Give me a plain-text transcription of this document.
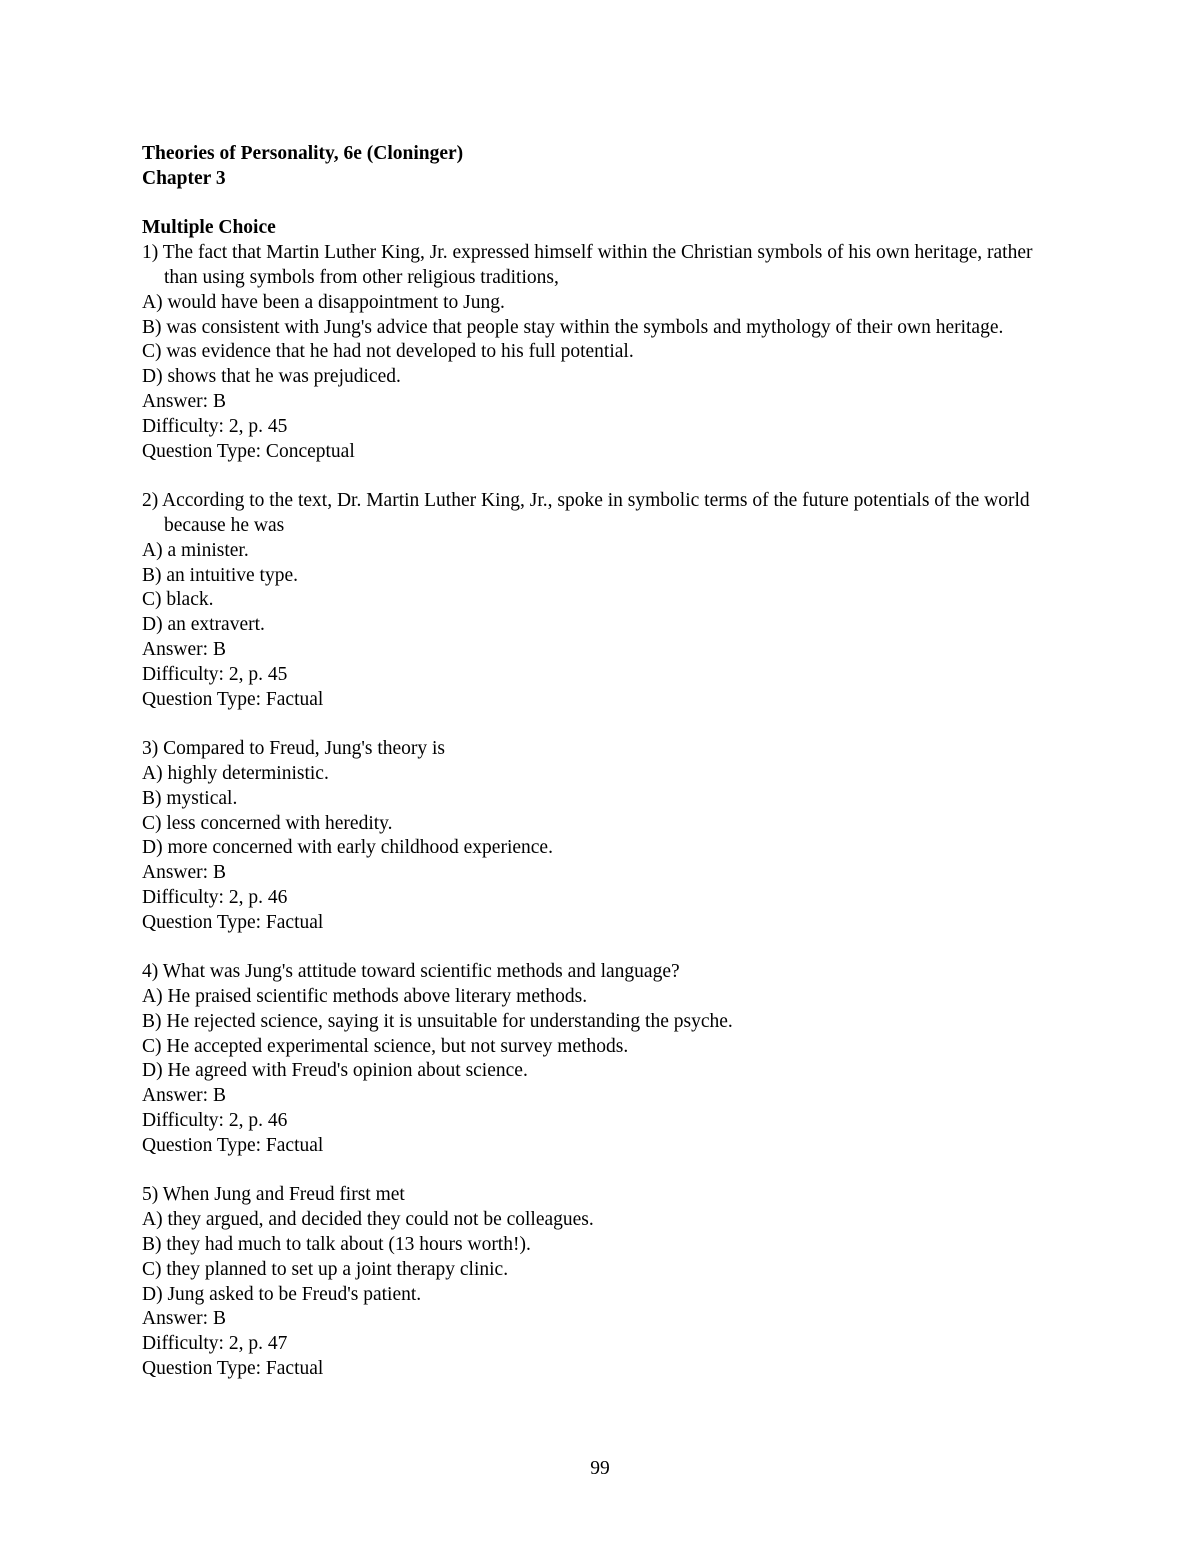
Theories of Personality, 6e (Cloninger)
Chapter 3
Multiple Choice
1) The fact that Martin Luther King, Jr. expressed himself within the Christian symbols of his own heritage, rather than using symbols from other religious traditions,
A) would have been a disappointment to Jung.
B) was consistent with Jung's advice that people stay within the symbols and mythology of their own heritage.
C) was evidence that he had not developed to his full potential.
D) shows that he was prejudiced.
Answer: B
Difficulty: 2, p. 45
Question Type: Conceptual
2) According to the text, Dr. Martin Luther King, Jr., spoke in symbolic terms of the future potentials of the world because he was
A) a minister.
B) an intuitive type.
C) black.
D) an extravert.
Answer: B
Difficulty: 2, p. 45
Question Type: Factual
3) Compared to Freud, Jung's theory is
A) highly deterministic.
B) mystical.
C) less concerned with heredity.
D) more concerned with early childhood experience.
Answer: B
Difficulty: 2, p. 46
Question Type: Factual
4) What was Jung's attitude toward scientific methods and language?
A) He praised scientific methods above literary methods.
B) He rejected science, saying it is unsuitable for understanding the psyche.
C) He accepted experimental science, but not survey methods.
D) He agreed with Freud's opinion about science.
Answer: B
Difficulty: 2, p. 46
Question Type: Factual
5) When Jung and Freud first met
A) they argued, and decided they could not be colleagues.
B) they had much to talk about (13 hours worth!).
C) they planned to set up a joint therapy clinic.
D) Jung asked to be Freud's patient.
Answer: B
Difficulty: 2, p. 47
Question Type: Factual
99
